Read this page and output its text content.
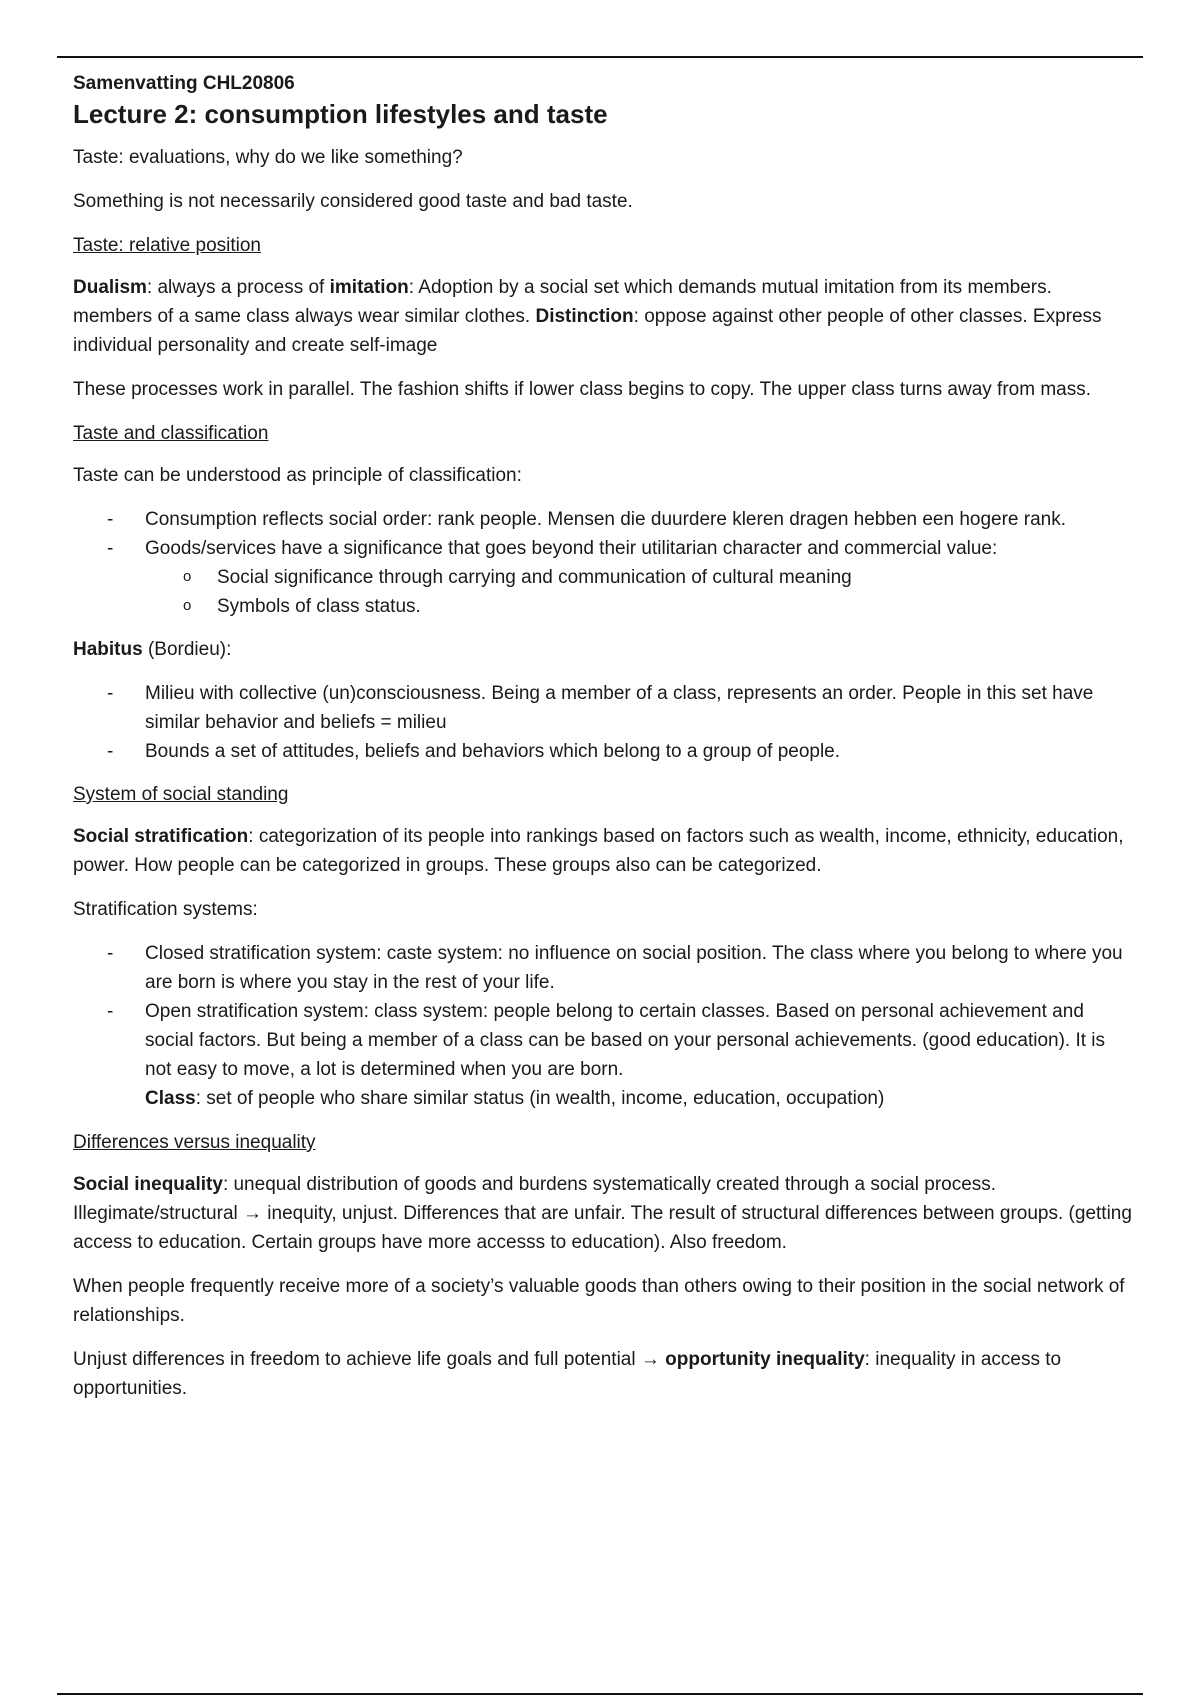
Samenvatting CHL20806

Lecture 2: consumption lifestyles and taste

Taste: evaluations, why do we like something?

Something is not necessarily considered good taste and bad taste.

Taste: relative position

Dualism: always a process of imitation: Adoption by a social set which demands mutual imitation from its members. members of a same class always wear similar clothes. Distinction: oppose against other people of other classes. Express individual personality and create self-image

These processes work in parallel. The fashion shifts if lower class begins to copy. The upper class turns away from mass.

Taste and classification

Taste can be understood as principle of classification:

- Consumption reflects social order: rank people. Mensen die duurdere kleren dragen hebben een hogere rank.
- Goods/services have a significance that goes beyond their utilitarian character and commercial value:
o Social significance through carrying and communication of cultural meaning
o Symbols of class status.

Habitus (Bordieu):

- Milieu with collective (un)consciousness. Being a member of a class, represents an order. People in this set have similar behavior and beliefs = milieu
- Bounds a set of attitudes, beliefs and behaviors which belong to a group of people.

System of social standing

Social stratification: categorization of its people into rankings based on factors such as wealth, income, ethnicity, education, power. How people can be categorized in groups. These groups also can be categorized.

Stratification systems:

- Closed stratification system: caste system: no influence on social position. The class where you belong to where you are born is where you stay in the rest of your life.
- Open stratification system: class system: people belong to certain classes. Based on personal achievement and social factors. But being a member of a class can be based on your personal achievements. (good education). It is not easy to move, a lot is determined when you are born.

Class: set of people who share similar status (in wealth, income, education, occupation)

Differences versus inequality

Social inequality: unequal distribution of goods and burdens systematically created through a social process. Illegimate/structural → inequity, unjust. Differences that are unfair. The result of structural differences between groups. (getting access to education. Certain groups have more accesss to education). Also freedom.

When people frequently receive more of a society’s valuable goods than others owing to their position in the social network of relationships.

Unjust differences in freedom to achieve life goals and full potential → opportunity inequality: inequality in access to opportunities.
